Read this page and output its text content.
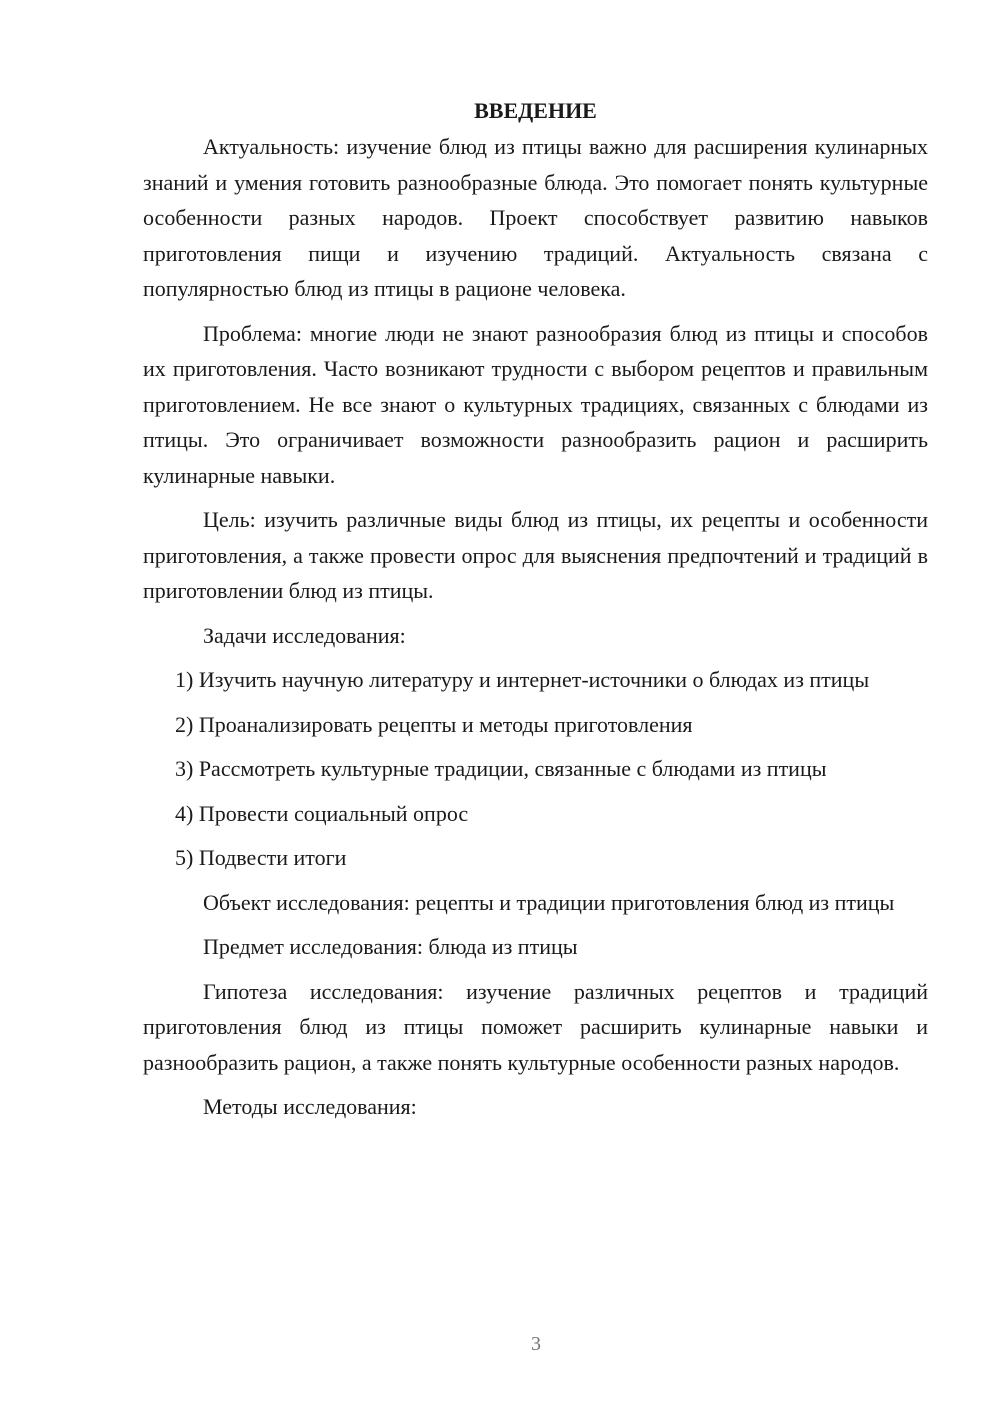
ВВЕДЕНИЕ
Актуальность: изучение блюд из птицы важно для расширения кулинарных знаний и умения готовить разнообразные блюда. Это помогает понять культурные особенности разных народов. Проект способствует развитию навыков приготовления пищи и изучению традиций. Актуальность связана с популярностью блюд из птицы в рационе человека.
Проблема: многие люди не знают разнообразия блюд из птицы и способов их приготовления. Часто возникают трудности с выбором рецептов и правильным приготовлением. Не все знают о культурных традициях, связанных с блюдами из птицы. Это ограничивает возможности разнообразить рацион и расширить кулинарные навыки.
Цель: изучить различные виды блюд из птицы, их рецепты и особенности приготовления, а также провести опрос для выяснения предпочтений и традиций в приготовлении блюд из птицы.
Задачи исследования:
1) Изучить научную литературу и интернет-источники о блюдах из птицы
2) Проанализировать рецепты и методы приготовления
3) Рассмотреть культурные традиции, связанные с блюдами из птицы
4) Провести социальный опрос
5) Подвести итоги
Объект исследования: рецепты и традиции приготовления блюд из птицы
Предмет исследования: блюда из птицы
Гипотеза исследования: изучение различных рецептов и традиций приготовления блюд из птицы поможет расширить кулинарные навыки и разнообразить рацион, а также понять культурные особенности разных народов.
Методы исследования:
3
